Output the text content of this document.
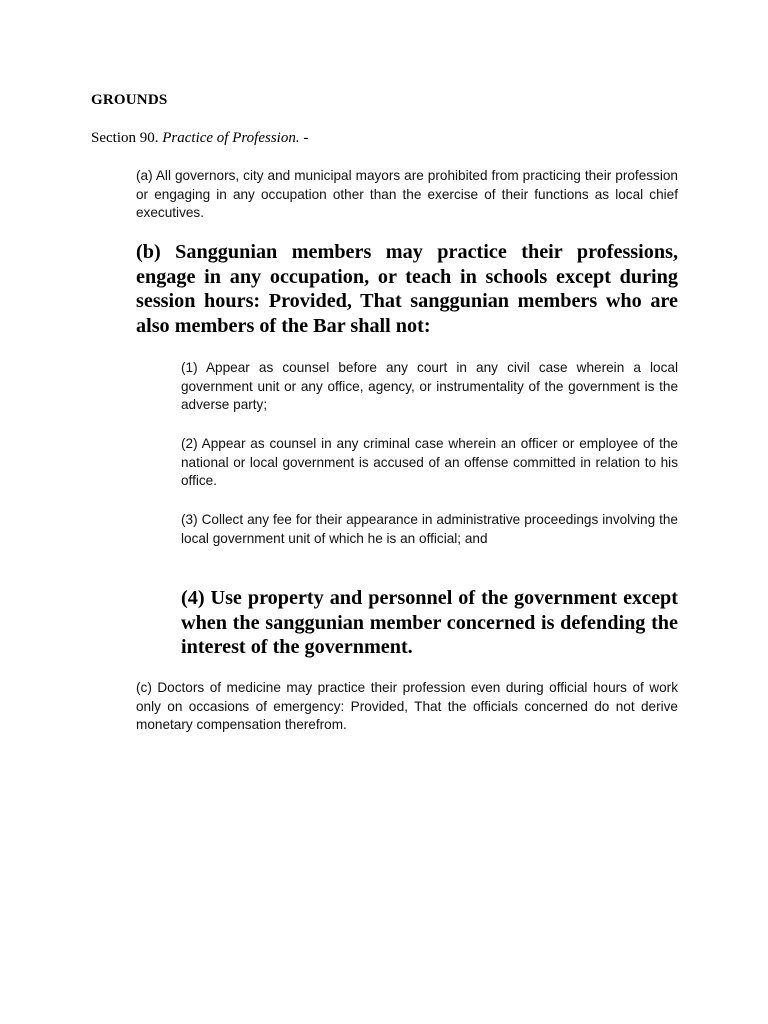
GROUNDS
Section 90. Practice of Profession. -

(a) All governors, city and municipal mayors are prohibited from practicing their profession or engaging in any occupation other than the exercise of their functions as local chief executives.

(b) Sanggunian members may practice their professions, engage in any occupation, or teach in schools except during session hours: Provided, That sanggunian members who are also members of the Bar shall not:

(1) Appear as counsel before any court in any civil case wherein a local government unit or any office, agency, or instrumentality of the government is the adverse party;

(2) Appear as counsel in any criminal case wherein an officer or employee of the national or local government is accused of an offense committed in relation to his office.

(3) Collect any fee for their appearance in administrative proceedings involving the local government unit of which he is an official; and

(4) Use property and personnel of the government except when the sanggunian member concerned is defending the interest of the government.

(c) Doctors of medicine may practice their profession even during official hours of work only on occasions of emergency: Provided, That the officials concerned do not derive monetary compensation therefrom.
